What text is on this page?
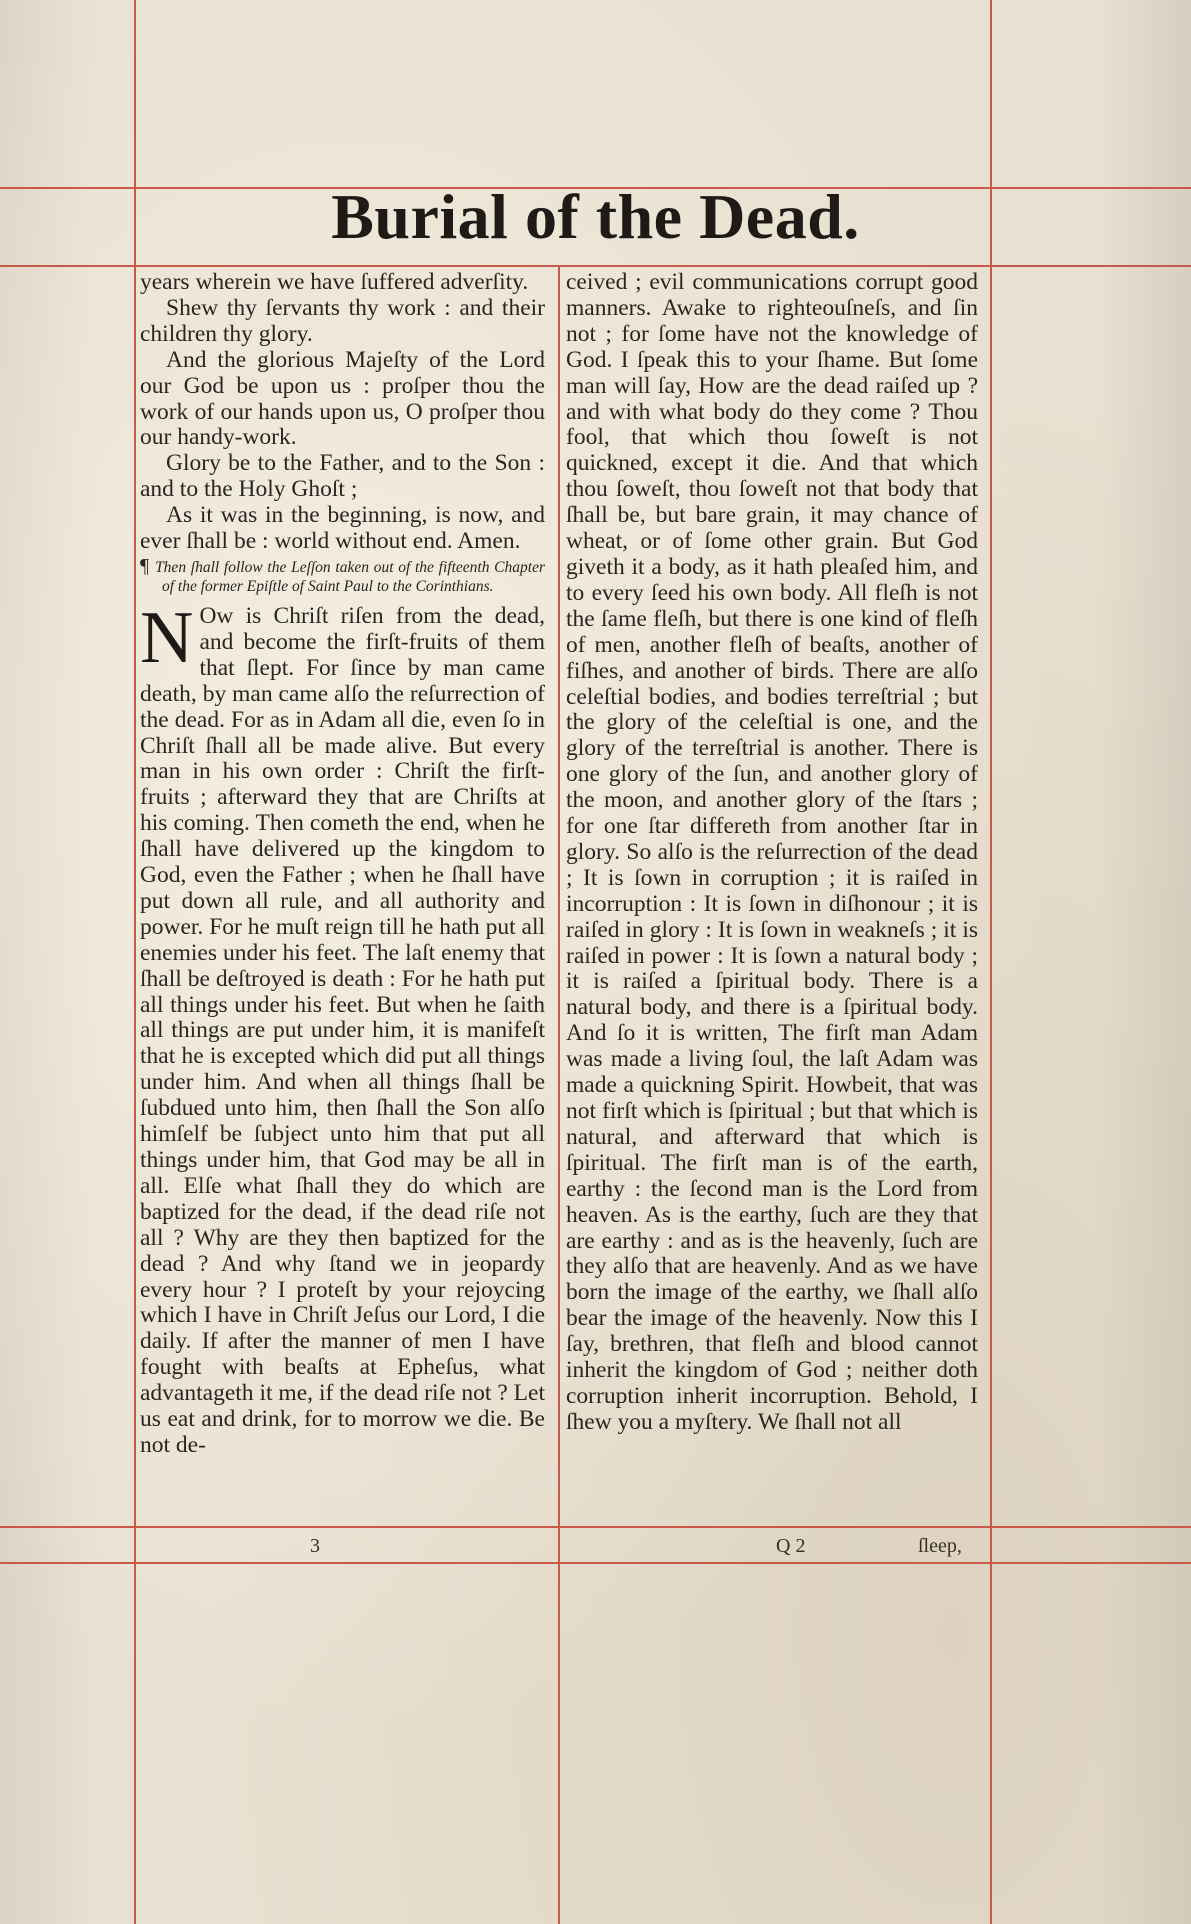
Burial of the Dead.

years wherein we have ſuffered adverſity.

Shew thy ſervants thy work : and their children thy glory.

And the glorious Majeſty of the Lord our God be upon us : proſper thou the work of our hands upon us, O proſper thou our handy-work.

Glory be to the Father, and to the Son : and to the Holy Ghoſt ;

As it was in the beginning, is now, and ever ſhall be : world without end. Amen.

¶ Then ſhall follow the Leſſon taken out of the fifteenth Chapter of the former Epiſtle of Saint Paul to the Corinthians.

N Ow is Chriſt riſen from the dead, and become the firſt-fruits of them that ſlept. For ſince by man came death, by man came alſo the reſurrection of the dead. For as in Adam all die, even ſo in Chriſt ſhall all be made alive. But every man in his own order : Chriſt the firſt-fruits ; afterward they that are Chriſts at his coming. Then cometh the end, when he ſhall have delivered up the kingdom to God, even the Father ; when he ſhall have put down all rule, and all authority and power. For he muſt reign till he hath put all enemies under his feet. The laſt enemy that ſhall be deſtroyed is death : For he hath put all things under his feet. But when he ſaith all things are put under him, it is manifeſt that he is excepted which did put all things under him. And when all things ſhall be ſubdued unto him, then ſhall the Son alſo himſelf be ſubject unto him that put all things under him, that God may be all in all. Elſe what ſhall they do which are baptized for the dead, if the dead riſe not all ? Why are they then baptized for the dead ? And why ſtand we in jeopardy every hour ? I proteſt by your rejoycing which I have in Chriſt Jeſus our Lord, I die daily. If after the manner of men I have fought with beaſts at Epheſus, what advantageth it me, if the dead riſe not ? Let us eat and drink, for to morrow we die. Be not de-

ceived ; evil communications corrupt good manners. Awake to righteouſneſs, and ſin not ; for ſome have not the knowledge of God. I ſpeak this to your ſhame. But ſome man will ſay, How are the dead raiſed up ? and with what body do they come ? Thou fool, that which thou ſoweſt is not quickned, except it die. And that which thou ſoweſt, thou ſoweſt not that body that ſhall be, but bare grain, it may chance of wheat, or of ſome other grain. But God giveth it a body, as it hath pleaſed him, and to every ſeed his own body. All fleſh is not the ſame fleſh, but there is one kind of fleſh of men, another fleſh of beaſts, another of fiſhes, and another of birds. There are alſo celeſtial bodies, and bodies terreſtrial ; but the glory of the celeſtial is one, and the glory of the terreſtrial is another. There is one glory of the ſun, and another glory of the moon, and another glory of the ſtars ; for one ſtar differeth from another ſtar in glory. So alſo is the reſurrection of the dead ; It is ſown in corruption ; it is raiſed in incorruption : It is ſown in diſhonour ; it is raiſed in glory : It is ſown in weakneſs ; it is raiſed in power : It is ſown a natural body ; it is raiſed a ſpiritual body. There is a natural body, and there is a ſpiritual body. And ſo it is written, The firſt man Adam was made a living ſoul, the laſt Adam was made a quickning Spirit. Howbeit, that was not firſt which is ſpiritual ; but that which is natural, and afterward that which is ſpiritual. The firſt man is of the earth, earthy : the ſecond man is the Lord from heaven. As is the earthy, ſuch are they that are earthy : and as is the heavenly, ſuch are they alſo that are heavenly. And as we have born the image of the earthy, we ſhall alſo bear the image of the heavenly. Now this I ſay, brethren, that fleſh and blood cannot inherit the kingdom of God ; neither doth corruption inherit incorruption. Behold, I ſhew you a myſtery. We ſhall not all

3	Q 2	ſleep,
